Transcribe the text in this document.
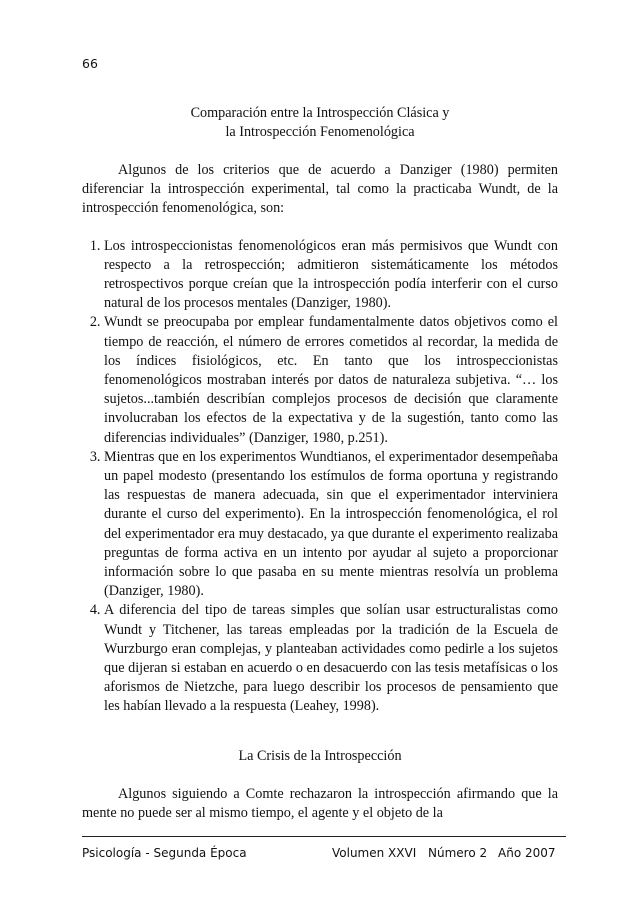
66
Comparación entre la Introspección Clásica y
la Introspección Fenomenológica

Algunos de los criterios que de acuerdo a Danziger (1980) permiten diferenciar la introspección experimental, tal como la practicaba Wundt, de la introspección fenomenológica, son:

1. Los introspeccionistas fenomenológicos eran más permisivos que Wundt con respecto a la retrospección; admitieron sistemáticamente los métodos retrospectivos porque creían que la introspección podía interferir con el curso natural de los procesos mentales (Danziger, 1980).
2. Wundt se preocupaba por emplear fundamentalmente datos objetivos como el tiempo de reacción, el número de errores cometidos al recordar, la medida de los índices fisiológicos, etc. En tanto que los introspeccionistas fenomenológicos mostraban interés por datos de naturaleza subjetiva. “… los sujetos...también describían complejos procesos de decisión que claramente involucraban los efectos de la expectativa y de la sugestión, tanto como las diferencias individuales” (Danziger, 1980, p.251).
3. Mientras que en los experimentos Wundtianos, el experimentador desempeñaba un papel modesto (presentando los estímulos de forma oportuna y registrando las respuestas de manera adecuada, sin que el experimentador interviniera durante el curso del experimento). En la introspección fenomenológica, el rol del experimentador era muy destacado, ya que durante el experimento realizaba preguntas de forma activa en un intento por ayudar al sujeto a proporcionar información sobre lo que pasaba en su mente mientras resolvía un problema (Danziger, 1980).
4. A diferencia del tipo de tareas simples que solían usar estructuralistas como Wundt y Titchener, las tareas empleadas por la tradición de la Escuela de Wurzburgo eran complejas, y planteaban actividades como pedirle a los sujetos que dijeran si estaban en acuerdo o en desacuerdo con las tesis metafísicas o los aforismos de Nietzche, para luego describir los procesos de pensamiento que les habían llevado a la respuesta (Leahey, 1998).
La Crisis de la Introspección

Algunos siguiendo a Comte rechazaron la introspección afirmando que la mente no puede ser al mismo tiempo, el agente y el objeto de la

Psicología - Segunda Época	Volumen XXVI Número 2 Año 2007
